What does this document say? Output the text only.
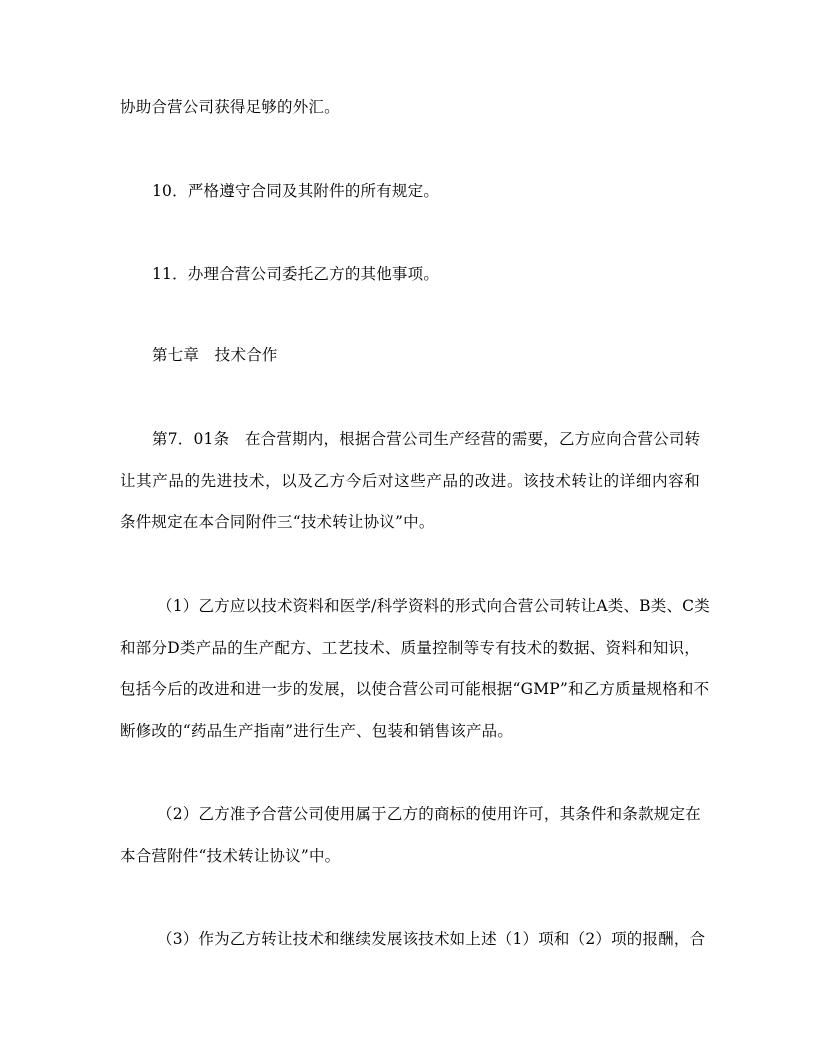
协助合营公司获得足够的外汇。
10．严格遵守合同及其附件的所有规定。
11．办理合营公司委托乙方的其他事项。
第七章　技术合作
第7．01条　在合营期内，根据合营公司生产经营的需要，乙方应向合营公司转
让其产品的先进技术，以及乙方今后对这些产品的改进。该技术转让的详细内容和
条件规定在本合同附件三“技术转让协议”中。
（1）乙方应以技术资料和医学/科学资料的形式向合营公司转让A类、B类、C类
和部分D类产品的生产配方、工艺技术、质量控制等专有技术的数据、资料和知识，
包括今后的改进和进一步的发展，以使合营公司可能根据“GMP”和乙方质量规格和不
断修改的“药品生产指南”进行生产、包装和销售该产品。
（2）乙方准予合营公司使用属于乙方的商标的使用许可，其条件和条款规定在
本合营附件“技术转让协议”中。
（3）作为乙方转让技术和继续发展该技术如上述（1）项和（2）项的报酬，合
